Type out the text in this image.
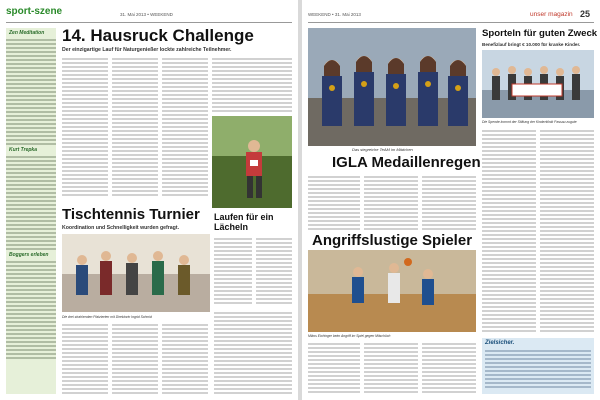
sport-szene	31. Mai 2013 • WEEKEND
Zen Meditation
Kurt Trepka
Boggers erleben
14. Hausruck Challenge
Der einzigartige Lauf für Naturgenießer lockte zahlreiche Teilnehmer.
Laufen für ein Lächeln
Tischtennis Turnier
Koordination und Schnelligkeit wurden gefragt.
Die drei strahlenden Platzierten mit Direktorin Ingrid Schmid
WEEKEND • 31. Mai 2013	unser magazin 25
Das siegreiche TeAM im Mädchen
IGLA Medaillenregen
Angriffslustige Spieler
Mikos Eichinger beim Angriff im Spiel gegen Mitschüch
Sporteln für guten Zweck
Benefizlauf bringt € 10.000 für kranke Kinder.
Die Spende kommt der Stiftung der Kinderklinik Passau zugute
Zielsicher.
